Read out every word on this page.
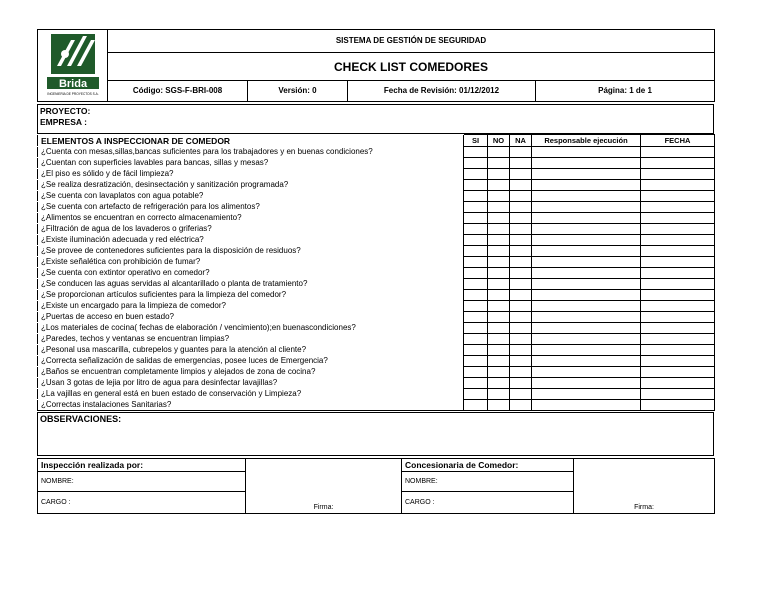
Brida
INGENIERIA DE PROYECTOS S.A.	SISTEMA DE GESTIÓN DE SEGURIDAD			
	CHECK LIST COMEDORES			
	Código: SGS-F-BRI-008	Versión: 0	Fecha de Revisión: 01/12/2012	Página: 1 de 1
PROYECTO:
EMPRESA :
ELEMENTOS A INSPECCIONAR DE COMEDOR	SI	NO	NA	Responsable ejecución	FECHA
¿Cuenta con mesas,sillas,bancas suficientes para los trabajadores y en buenas condiciones?					
¿Cuentan con superficies lavables para bancas, sillas y mesas?					
¿El piso es sólido y de fácil limpieza?					
¿Se realiza desratización, desinsectación y sanitización programada?					
¿Se cuenta con lavaplatos con agua potable?					
¿Se cuenta con artefacto de refrigeración para los alimentos?					
¿Alimentos se encuentran en correcto almacenamiento?					
¿Filtración de agua de los lavaderos o griferias?					
¿Existe iluminación adecuada y red eléctrica?					
¿Se provee de contenedores suficientes para la disposición de residuos?					
¿Existe señalética con prohibición de fumar?					
¿Se cuenta con extintor operativo en comedor?					
¿Se conducen las aguas servidas al alcantarillado o planta de tratamiento?					
¿Se proporcionan artículos suficientes para la limpieza del comedor?					
¿Existe un encargado para la limpieza de comedor?					
¿Puertas de acceso en buen estado?					
¿Los materiales de cocina( fechas de elaboración / vencimiento);en buenascondiciones?					
¿Paredes, techos y ventanas se encuentran limpias?					
¿Pesonal usa mascarilla, cubrepelos y guantes para la atención al cliente?					
¿Correcta señalización de salidas de emergencias, posee luces de Emergencia?					
¿Baños se encuentran completamente limpios y alejados de zona de cocina?					
¿Usan 3 gotas de lejia por litro de agua para desinfectar lavajillas?					
¿La vajillas en general está en buen estado de conservación y Limpieza?					
¿Correctas instalaciones Sanitarias?					
OBSERVACIONES:
Inspección realizada por:	Firma:	Concesionaria de Comedor:	Firma:
NOMBRE:		NOMBRE:	
CARGO :		CARGO :	
